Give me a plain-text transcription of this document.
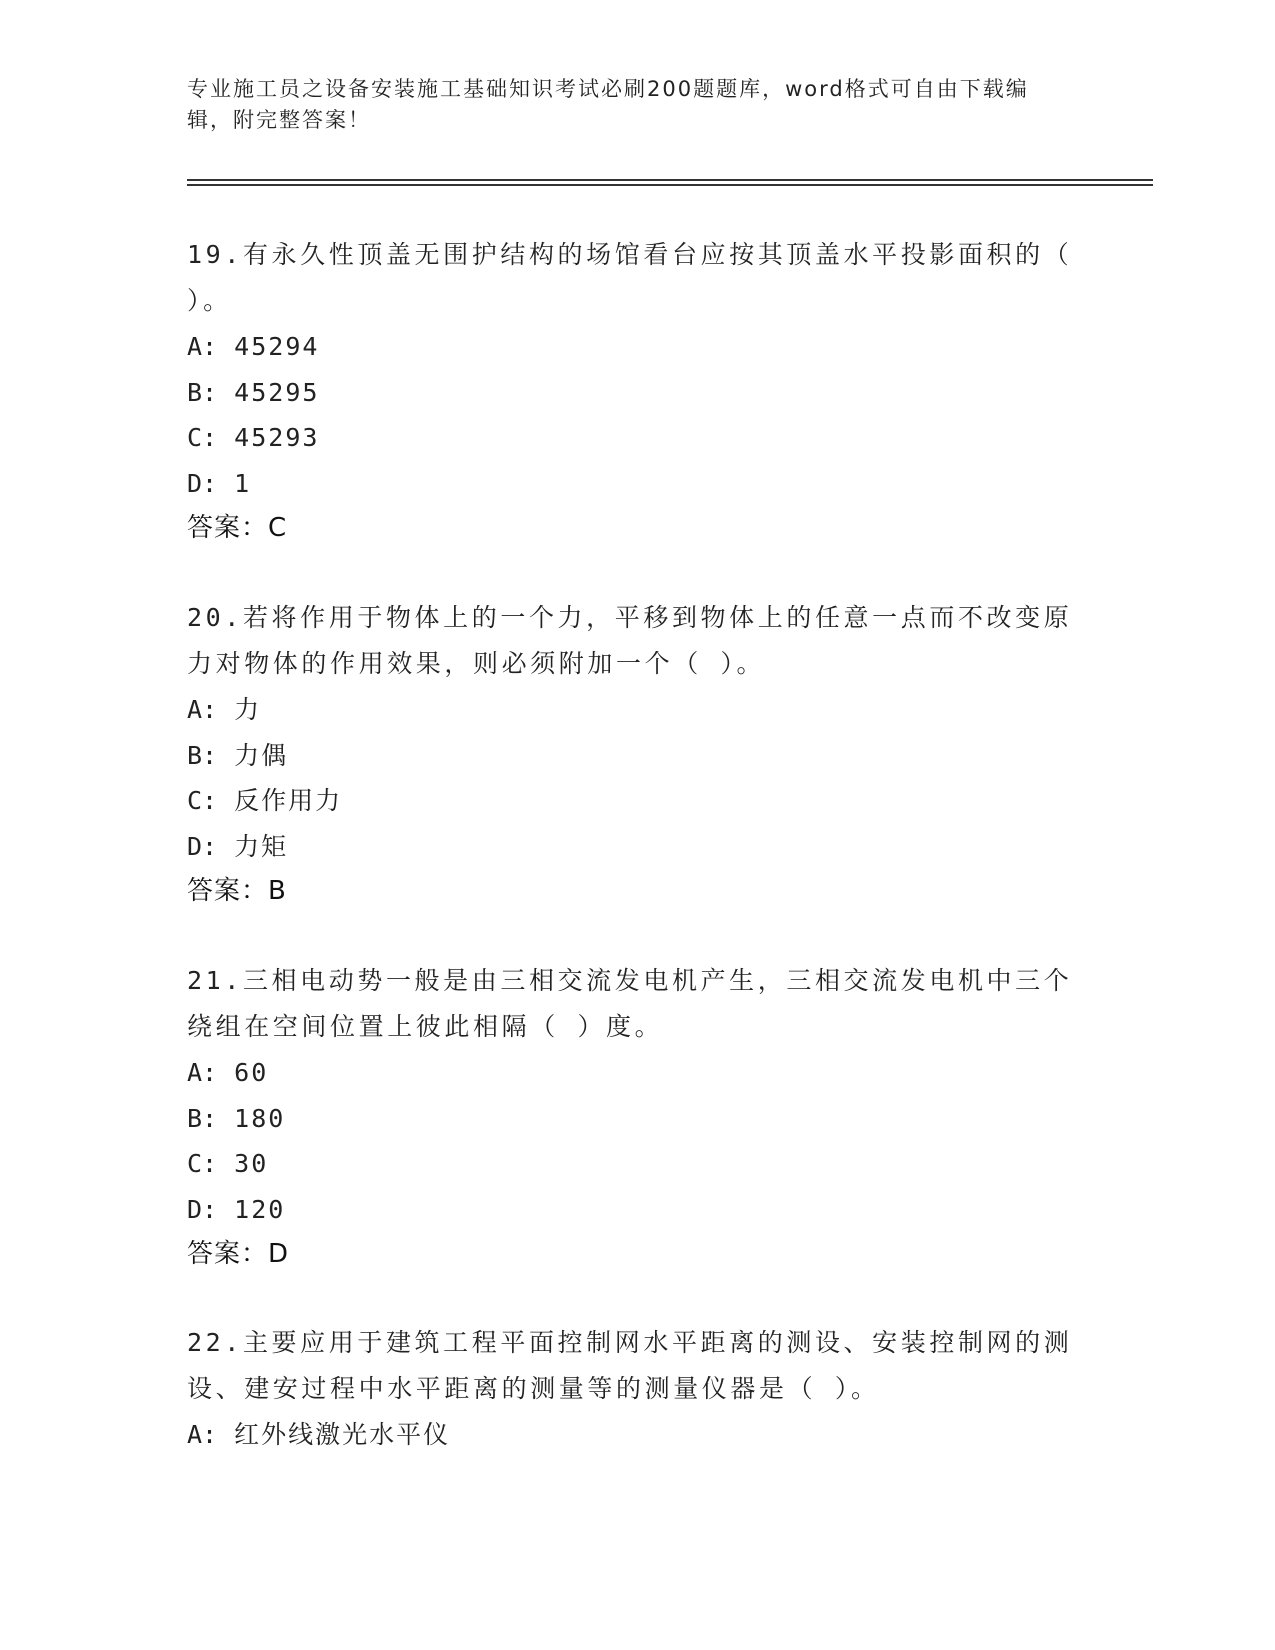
专业施工员之设备安装施工基础知识考试必刷200题题库，word格式可自由下载编辑，附完整答案！

19.有永久性顶盖无围护结构的场馆看台应按其顶盖水平投影面积的（ ）。

A: 45294
B: 45295
C: 45293
D: 1
答案：C

20.若将作用于物体上的一个力，平移到物体上的任意一点而不改变原力对物体的作用效果，则必须附加一个（ ）。

A: 力
B: 力偶
C: 反作用力
D: 力矩
答案：B

21.三相电动势一般是由三相交流发电机产生，三相交流发电机中三个绕组在空间位置上彼此相隔（ ）度。

A: 60
B: 180
C: 30
D: 120
答案：D

22.主要应用于建筑工程平面控制网水平距离的测设、安装控制网的测设、建安过程中水平距离的测量等的测量仪器是（ ）。

A: 红外线激光水平仪
